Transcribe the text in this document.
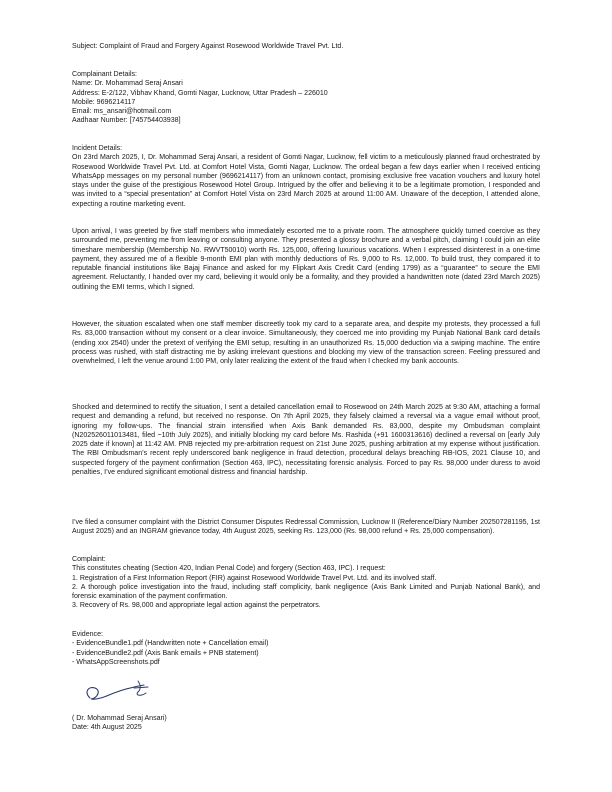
Subject: Complaint of Fraud and Forgery Against Rosewood Worldwide Travel Pvt. Ltd.

Complainant Details:
Name: Dr. Mohammad Seraj Ansari
Address: E-2/122, Vibhav Khand, Gomti Nagar, Lucknow, Uttar Pradesh – 226010
Mobile: 9696214117
Email: ms_ansari@hotmail.com
Aadhaar Number: [745754403938]
Incident Details:

On 23rd March 2025, I, Dr. Mohammad Seraj Ansari, a resident of Gomti Nagar, Lucknow, fell victim to a meticulously planned fraud orchestrated by Rosewood Worldwide Travel Pvt. Ltd. at Comfort Hotel Vista, Gomti Nagar, Lucknow. The ordeal began a few days earlier when I received enticing WhatsApp messages on my personal number (9696214117) from an unknown contact, promising exclusive free vacation vouchers and luxury hotel stays under the guise of the prestigious Rosewood Hotel Group. Intrigued by the offer and believing it to be a legitimate promotion, I responded and was invited to a “special presentation” at Comfort Hotel Vista on 23rd March 2025 at around 11:00 AM. Unaware of the deception, I attended alone, expecting a routine marketing event.

Upon arrival, I was greeted by five staff members who immediately escorted me to a private room. The atmosphere quickly turned coercive as they surrounded me, preventing me from leaving or consulting anyone. They presented a glossy brochure and a verbal pitch, claiming I could join an elite timeshare membership (Membership No. RWVT50010) worth Rs. 125,000, offering luxurious vacations. When I expressed disinterest in a one-time payment, they assured me of a flexible 9-month EMI plan with monthly deductions of Rs. 9,000 to Rs. 12,000. To build trust, they compared it to reputable financial institutions like Bajaj Finance and asked for my Flipkart Axis Credit Card (ending 1799) as a “guarantee” to secure the EMI agreement. Reluctantly, I handed over my card, believing it would only be a formality, and they provided a handwritten note (dated 23rd March 2025) outlining the EMI terms, which I signed.

However, the situation escalated when one staff member discreetly took my card to a separate area, and despite my protests, they processed a full Rs. 83,000 transaction without my consent or a clear invoice. Simultaneously, they coerced me into providing my Punjab National Bank card details (ending xxx 2540) under the pretext of verifying the EMI setup, resulting in an unauthorized Rs. 15,000 deduction via a swiping machine. The entire process was rushed, with staff distracting me by asking irrelevant questions and blocking my view of the transaction screen. Feeling pressured and overwhelmed, I left the venue around 1:00 PM, only later realizing the extent of the fraud when I checked my bank accounts.

Shocked and determined to rectify the situation, I sent a detailed cancellation email to Rosewood on 24th March 2025 at 9:30 AM, attaching a formal request and demanding a refund, but received no response. On 7th April 2025, they falsely claimed a reversal via a vague email without proof, ignoring my follow-ups. The financial strain intensified when Axis Bank demanded Rs. 83,000, despite my Ombudsman complaint (N202526011013481, filed ~10th July 2025), and initially blocking my card before Ms. Rashida (+91 1600313616) declined a reversal on [early July 2025 date if known] at 11:42 AM. PNB rejected my pre-arbitration request on 21st June 2025, pushing arbitration at my expense without justification. The RBI Ombudsman’s recent reply underscored bank negligence in fraud detection, procedural delays breaching RB-IOS, 2021 Clause 10, and suspected forgery of the payment confirmation (Section 463, IPC), necessitating forensic analysis. Forced to pay Rs. 98,000 under duress to avoid penalties, I’ve endured significant emotional distress and financial hardship.

I’ve filed a consumer complaint with the District Consumer Disputes Redressal Commission, Lucknow II (Reference/Diary Number 202507281195, 1st August 2025) and an INGRAM grievance today, 4th August 2025, seeking Rs. 123,000 (Rs. 98,000 refund + Rs. 25,000 compensation).

Complaint:
This constitutes cheating (Section 420, Indian Penal Code) and forgery (Section 463, IPC). I request:
1. Registration of a First Information Report (FIR) against Rosewood Worldwide Travel Pvt. Ltd. and its involved staff.

2. A thorough police investigation into the fraud, including staff complicity, bank negligence (Axis Bank Limited and Punjab National Bank), and forensic examination of the payment confirmation.

3. Recovery of Rs. 98,000 and appropriate legal action against the perpetrators.
Evidence:
- EvidenceBundle1.pdf (Handwritten note + Cancellation email)
- EvidenceBundle2.pdf (Axis Bank emails + PNB statement)
- WhatsAppScreenshots.pdf
( Dr. Mohammad Seraj Ansari)
Date: 4th August 2025
